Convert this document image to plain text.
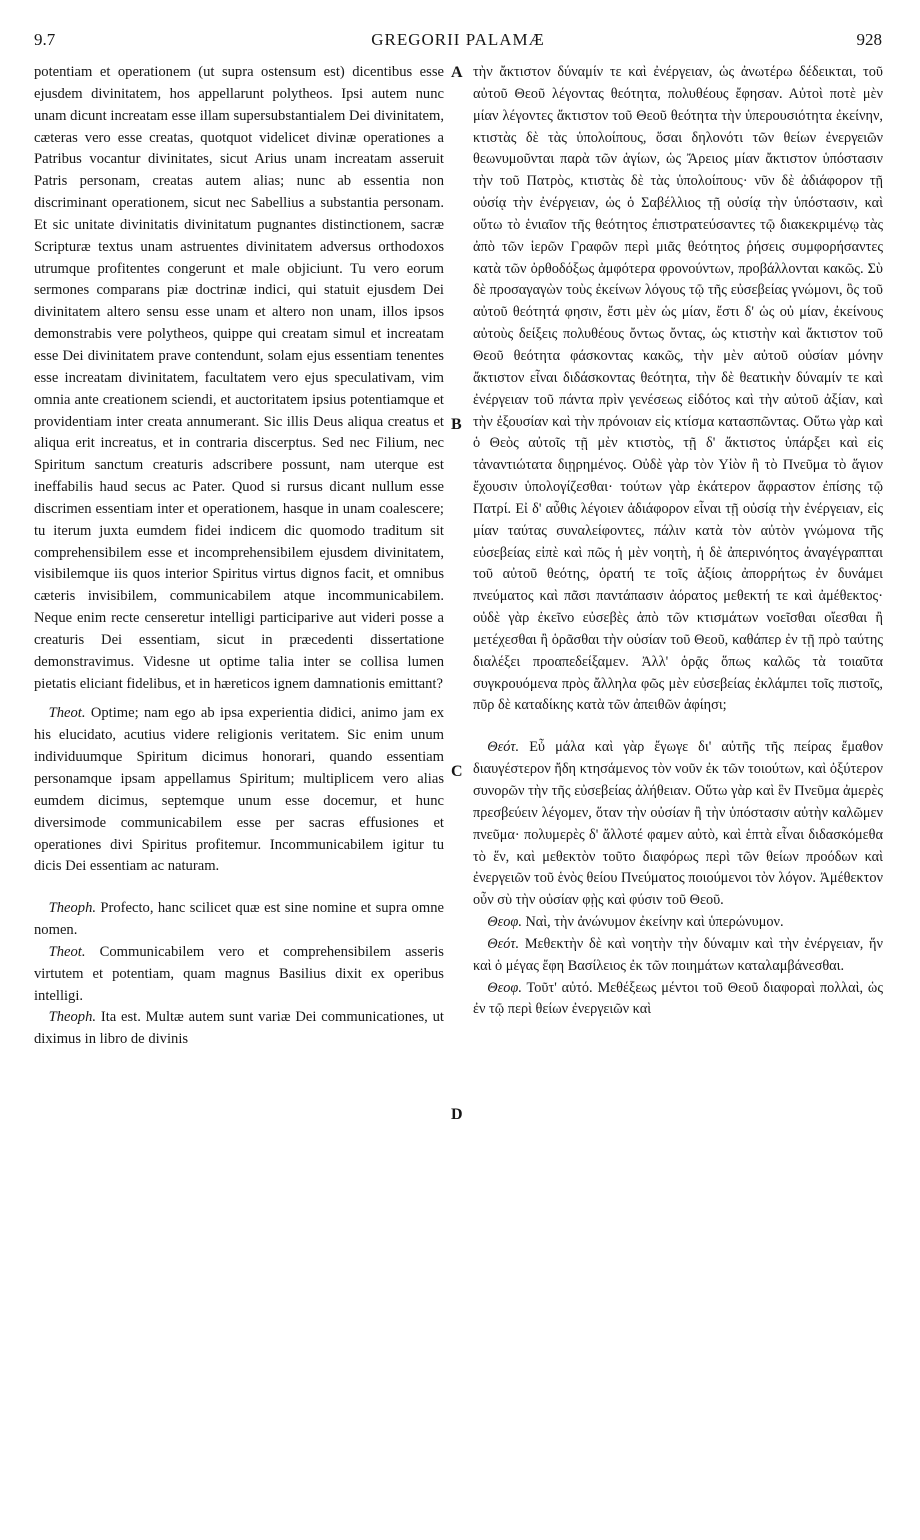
9.7	GREGORII PALAMÆ	928
A
B
C
D

potentiam et operationem (ut supra ostensum est) dicentibus esse ejusdem divinitatem, hos appellarunt polytheos. Ipsi autem nunc unam dicunt increatam esse illam supersubstantialem Dei divinitatem, cæteras vero esse creatas, quotquot videlicet divinæ operationes a Patribus vocantur divinitates, sicut Arius unam increatam asseruit Patris personam, creatas autem alias; nunc ab essentia non discriminant operationem, sicut nec Sabellius a substantia personam. Et sic unitate divinitatis divinitatum pugnantes distinctionem, sacræ Scripturæ textus unam astruentes divinitatem adversus orthodoxos utrumque profitentes congerunt et male objiciunt. Tu vero eorum sermones comparans piæ doctrinæ indici, qui statuit ejusdem Dei divinitatem altero sensu esse unam et altero non unam, illos ipsos demonstrabis vere polytheos, quippe qui creatam simul et increatam esse Dei divinitatem prave contendunt, solam ejus essentiam tenentes esse increatam divinitatem, facultatem vero ejus speculativam, vim omnia ante creationem sciendi, et auctoritatem ipsius potentiamque et providentiam inter creata annumerant. Sic illis Deus aliqua creatus et aliqua erit increatus, et in contraria discerptus. Sed nec Filium, nec Spiritum sanctum creaturis adscribere possunt, nam uterque est ineffabilis haud secus ac Pater. Quod si rursus dicant nullum esse discrimen essentiam inter et operationem, hasque in unam coalescere; tu iterum juxta eumdem fidei indicem dic quomodo traditum sit comprehensibilem esse et incomprehensibilem ejusdem divinitatem, visibilemque iis quos interior Spiritus virtus dignos facit, et omnibus cæteris invisibilem, communicabilem atque incommunicabilem. Neque enim recte censeretur intelligi participarive aut videri posse a creaturis Dei essentiam, sicut in præcedenti dissertatione demonstravimus. Videsne ut optime talia inter se collisa lumen pietatis eliciant fidelibus, et in hæreticos ignem damnationis emittant?

 Theot. Optime; nam ego ab ipsa experientia didici, animo jam ex his elucidato, acutius videre religionis veritatem. Sic enim unum individuumque Spiritum dicimus honorari, quando essentiam personamque ipsam appellamus Spiritum; multiplicem vero alias eumdem dicimus, septemque unum esse docemur, et hunc diversimode communicabilem esse per sacras effusiones et operationes divi Spiritus profitemur. Incommunicabilem igitur tu dicis Dei essentiam ac naturam.

 Theoph. Profecto, hanc scilicet quæ est sine nomine et supra omne nomen.

 Theot. Communicabilem vero et comprehensibilem asseris virtutem et potentiam, quam magnus Basilius dixit ex operibus intelligi.

 Theoph. Ita est. Multæ autem sunt variæ Dei communicationes, ut diximus in libro de divinis

τὴν ἄκτιστον δύναμίν τε καὶ ἐνέργειαν, ὡς ἀνωτέρω δέδεικται, τοῦ αὐτοῦ Θεοῦ λέγοντας θεότητα, πολυθέους ἔφησαν. Αὐτοὶ ποτὲ μὲν μίαν λέγοντες ἄκτιστον τοῦ Θεοῦ θεότητα τὴν ὑπερουσιότητα ἐκείνην, κτιστὰς δὲ τὰς ὑπολοίπους, ὅσαι δηλονότι τῶν θείων ἐνεργειῶν θεωνυμοῦνται παρὰ τῶν ἁγίων, ὡς Ἄρειος μίαν ἄκτιστον ὑπόστασιν τὴν τοῦ Πατρὸς, κτιστὰς δὲ τὰς ὑπολοίπους· νῦν δὲ ἀδιάφορον τῇ οὐσίᾳ τὴν ἐνέργειαν, ὡς ὁ Σαβέλλιος τῇ οὐσίᾳ τὴν ὑπόστασιν, καὶ οὕτω τὸ ἑνιαῖον τῆς θεότητος ἐπιστρατεύσαντες τῷ διακεκριμένῳ τὰς ἀπὸ τῶν ἱερῶν Γραφῶν περὶ μιᾶς θεότητος ῥήσεις συμφορήσαντες κατὰ τῶν ὀρθοδόξως ἀμφότερα φρονούντων, προβάλλονται κακῶς. Σὺ δὲ προσαγαγὼν τοὺς ἐκείνων λόγους τῷ τῆς εὐσεβείας γνώμονι, ὃς τοῦ αὐτοῦ θεότητά φησιν, ἔστι μὲν ὡς μίαν, ἔστι δ' ὡς οὐ μίαν, ἐκείνους αὐτοὺς δείξεις πολυθέους ὄντως ὄντας, ὡς κτιστὴν καὶ ἄκτιστον τοῦ Θεοῦ θεότητα φάσκοντας κακῶς, τὴν μὲν αὐτοῦ οὐσίαν μόνην ἄκτιστον εἶναι διδάσκοντας θεότητα, τὴν δὲ θεατικὴν δύναμίν τε καὶ ἐνέργειαν τοῦ πάντα πρὶν γενέσεως εἰδότος καὶ τὴν αὐτοῦ ἀξίαν, καὶ τὴν ἐξουσίαν καὶ τὴν πρόνοιαν εἰς κτίσμα κατασπῶντας. Οὕτω γὰρ καὶ ὁ Θεὸς αὐτοῖς τῇ μὲν κτιστὸς, τῇ δ' ἄκτιστος ὑπάρξει καὶ εἰς τἀναντιώτατα διῃρημένος. Οὐδὲ γὰρ τὸν Υἱὸν ἢ τὸ Πνεῦμα τὸ ἅγιον ἔχουσιν ὑπολογίζεσθαι· τούτων γὰρ ἑκάτερον ἄφραστον ἐπίσης τῷ Πατρί. Εἰ δ' αὖθις λέγοιεν ἀδιάφορον εἶναι τῇ οὐσίᾳ τὴν ἐνέργειαν, εἰς μίαν ταύτας συναλείφοντες, πάλιν κατὰ τὸν αὐτὸν γνώμονα τῆς εὐσεβείας εἰπὲ καὶ πῶς ἡ μὲν νοητὴ, ἡ δὲ ἀπερινόητος ἀναγέγραπται τοῦ αὐτοῦ θεότης, ὁρατή τε τοῖς ἀξίοις ἀπορρήτως ἐν δυνάμει πνεύματος καὶ πᾶσι παντάπασιν ἀόρατος μεθεκτή τε καὶ ἀμέθεκτος· οὐδὲ γὰρ ἐκεῖνο εὐσεβὲς ἀπὸ τῶν κτισμάτων νοεῖσθαι οἴεσθαι ἢ μετέχεσθαι ἢ ὁρᾶσθαι τὴν οὐσίαν τοῦ Θεοῦ, καθάπερ ἐν τῇ πρὸ ταύτης διαλέξει προαπεδείξαμεν. Ἀλλ' ὁρᾷς ὅπως καλῶς τὰ τοιαῦτα συγκρουόμενα πρὸς ἄλληλα φῶς μὲν εὐσεβείας ἐκλάμπει τοῖς πιστοῖς, πῦρ δὲ καταδίκης κατὰ τῶν ἀπειθῶν ἀφίησι;

 Θεότ. Εὖ μάλα καὶ γὰρ ἔγωγε δι' αὐτῆς τῆς πείρας ἔμαθον διαυγέστερον ἤδη κτησάμενος τὸν νοῦν ἐκ τῶν τοιούτων, καὶ ὀξύτερον συνορῶν τὴν τῆς εὐσεβείας ἀλήθειαν. Οὕτω γὰρ καὶ ἓν Πνεῦμα ἀμερὲς πρεσβεύειν λέγομεν, ὅταν τὴν οὐσίαν ἢ τὴν ὑπόστασιν αὐτὴν καλῶμεν πνεῦμα· πολυμερὲς δ' ἄλλοτέ φαμεν αὐτὸ, καὶ ἑπτὰ εἶναι διδασκόμεθα τὸ ἕν, καὶ μεθεκτὸν τοῦτο διαφόρως περὶ τῶν θείων προόδων καὶ ἐνεργειῶν τοῦ ἑνὸς θείου Πνεύματος ποιούμενοι τὸν λόγον. Ἀμέθεκτον οὖν σὺ τὴν οὐσίαν φῂς καὶ φύσιν τοῦ Θεοῦ.

 Θεοφ. Ναὶ, τὴν ἀνώνυμον ἐκείνην καὶ ὑπερώνυμον.

 Θεότ. Μεθεκτὴν δὲ καὶ νοητὴν τὴν δύναμιν καὶ τὴν ἐνέργειαν, ἥν καὶ ὁ μέγας ἔφη Βασίλειος ἐκ τῶν ποιημάτων καταλαμβάνεσθαι.

 Θεοφ. Τοῦτ' αὐτό. Μεθέξεως μέντοι τοῦ Θεοῦ διαφοραὶ πολλαὶ, ὡς ἐν τῷ περὶ θείων ἐνεργειῶν καὶ
